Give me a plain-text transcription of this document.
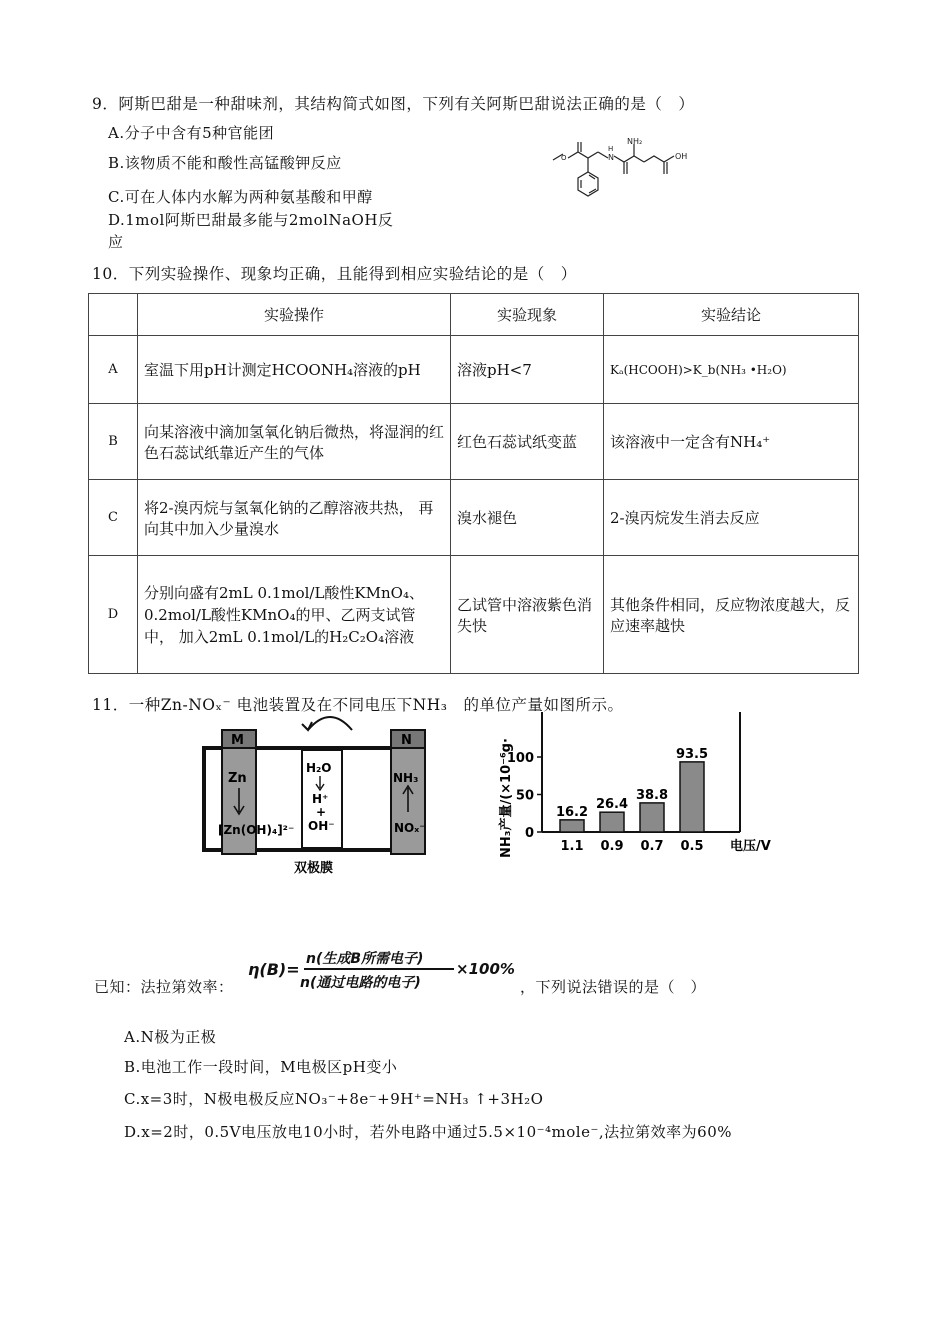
9．阿斯巴甜是一种甜味剂，其结构简式如图，下列有关阿斯巴甜说法正确的是（　）
A.分子中含有5种官能团
B.该物质不能和酸性高锰酸钾反应
C.可在人体内水解为两种氨基酸和甲醇
D.1mol阿斯巴甜最多能与2molNaOH反
应
O	N
H
NH₂
OH
10．下列实验操作、现象均正确，且能得到相应实验结论的是（　）
	实验操作	实验现象	实验结论
A	室温下用pH计测定HCOONH₄溶液的pH	溶液pH<7	Kₐ(HCOOH)>K_b(NH₃ •H₂O)
B	向某溶液中滴加氢氧化钠后微热，将湿润的红色石蕊试纸靠近产生的气体	红色石蕊试纸变蓝	该溶液中一定含有NH₄⁺
C	将2-溴丙烷与氢氧化钠的乙醇溶液共热， 再向其中加入少量溴水	溴水褪色	2-溴丙烷发生消去反应
D	分别向盛有2mL 0.1mol/L酸性KMnO₄、 0.2mol/L酸性KMnO₄的甲、乙两支试管中， 加入2mL 0.1mol/L的H₂C₂O₄溶液	乙试管中溶液紫色消失快	其他条件相同，反应物浓度越大，反应速率越快
11．一种Zn-NOₓ⁻ 电池装置及在不同电压下NH₃　的单位产量如图所示。
M
Zn
[Zn(OH)₄]²⁻
H₂O
H⁺
+
OH⁻
N
NH₃
NOₓ⁻
双极膜
NH₃产量/(×10⁻⁶g·
100
50
0
16.2
1.1
26.4
0.9
38.8
0.7
93.5
0.5 电压/V
已知：法拉第效率：
η(B)=
n(生成B所需电子)
n(通过电路的电子)
×100%
，下列说法错误的是（　）
A.N极为正极
B.电池工作一段时间，M电极区pH变小
C.x=3时，N极电极反应NO₃⁻+8e⁻+9H⁺=NH₃ ↑+3H₂O
D.x=2时，0.5V电压放电10小时，若外电路中通过5.5×10⁻⁴mole⁻,法拉第效率为60%
